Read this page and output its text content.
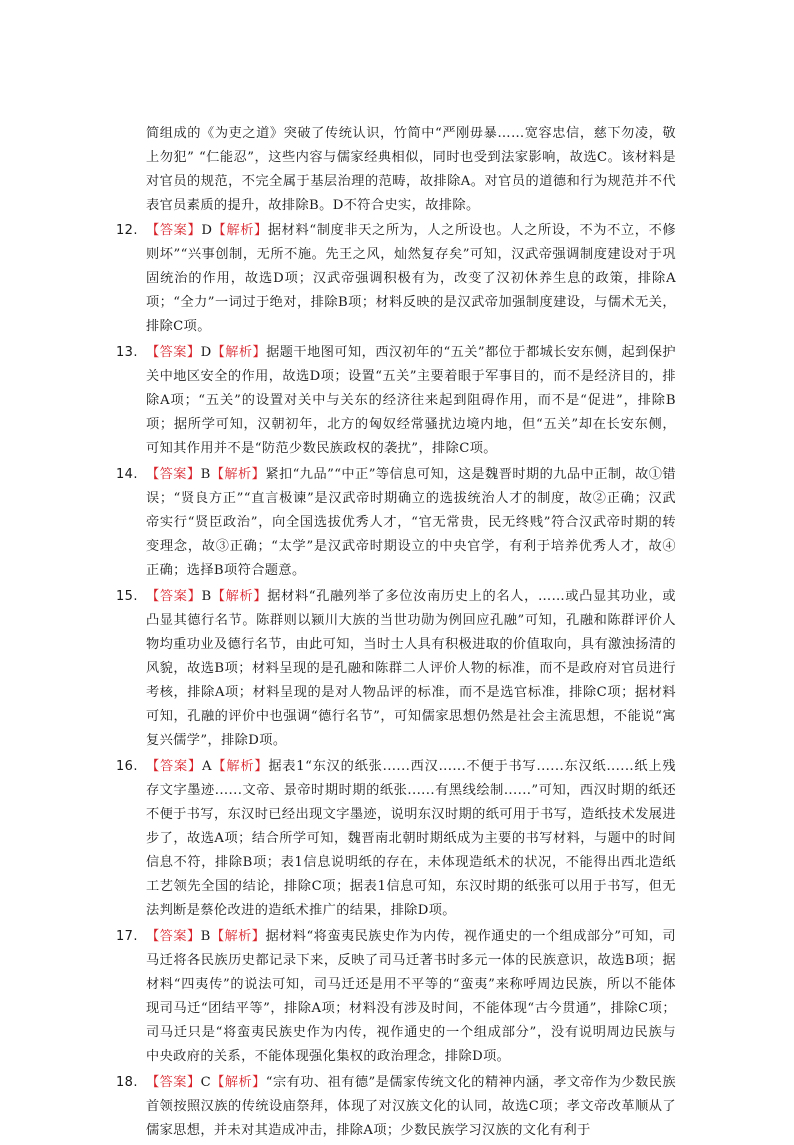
简组成的《为吏之道》突破了传统认识，竹简中“严刚毋暴……宽容忠信，慈下勿凌，敬上勿犯” “仁能忍”，这些内容与儒家经典相似，同时也受到法家影响，故选C。该材料是对官员的规范，不完全属于基层治理的范畴，故排除A。对官员的道德和行为规范并不代表官员素质的提升，故排除B。D不符合史实，故排除。

12. 【答案】D【解析】据材料“制度非天之所为，人之所设也。人之所设，不为不立，不修则坏”“兴事创制，无所不施。先王之风，灿然复存矣”可知，汉武帝强调制度建设对于巩固统治的作用，故选D项；汉武帝强调积极有为，改变了汉初休养生息的政策，排除A项；“全力”一词过于绝对，排除B项；材料反映的是汉武帝加强制度建设，与儒术无关，排除C项。

13. 【答案】D【解析】据题干地图可知，西汉初年的“五关”都位于都城长安东侧，起到保护关中地区安全的作用，故选D项；设置“五关”主要着眼于军事目的，而不是经济目的，排除A项；“五关”的设置对关中与关东的经济往来起到阻碍作用，而不是“促进”，排除B项；据所学可知，汉朝初年，北方的匈奴经常骚扰边境内地，但“五关”却在长安东侧，可知其作用并不是“防范少数民族政权的袭扰”，排除C项。

14. 【答案】B【解析】紧扣“九品”“中正”等信息可知，这是魏晋时期的九品中正制，故①错误；“贤良方正”“直言极谏”是汉武帝时期确立的选拔统治人才的制度，故②正确；汉武帝实行“贤臣政治”，向全国选拔优秀人才，“官无常贵，民无终贱”符合汉武帝时期的转变理念，故③正确；“太学”是汉武帝时期设立的中央官学，有利于培养优秀人才，故④正确；选择B项符合题意。

15. 【答案】B【解析】据材料“孔融列举了多位汝南历史上的名人，……或凸显其功业，或凸显其德行名节。陈群则以颍川大族的当世功勋为例回应孔融”可知，孔融和陈群评价人物均重功业及德行名节，由此可知，当时士人具有积极进取的价值取向，具有激浊扬清的风貌，故选B项；材料呈现的是孔融和陈群二人评价人物的标准，而不是政府对官员进行考核，排除A项；材料呈现的是对人物品评的标准，而不是选官标准，排除C项；据材料可知，孔融的评价中也强调“德行名节”，可知儒家思想仍然是社会主流思想，不能说“寓复兴儒学”，排除D项。

16. 【答案】A【解析】据表1“东汉的纸张......西汉......不便于书写......东汉纸......纸上残存文字墨迹......文帝、景帝时期时期的纸张......有黑线绘制......”可知，西汉时期的纸还不便于书写，东汉时已经出现文字墨迹，说明东汉时期的纸可用于书写，造纸技术发展进步了，故选A项；结合所学可知，魏晋南北朝时期纸成为主要的书写材料，与题中的时间信息不符，排除B项；表1信息说明纸的存在，未体现造纸术的状况，不能得出西北造纸工艺领先全国的结论，排除C项；据表1信息可知，东汉时期的纸张可以用于书写，但无法判断是蔡伦改进的造纸术推广的结果，排除D项。

17. 【答案】B【解析】据材料“将蛮夷民族史作为内传，视作通史的一个组成部分”可知，司马迁将各民族历史都记录下来，反映了司马迁著书时多元一体的民族意识，故选B项；据材料“四夷传”的说法可知，司马迁还是用不平等的“蛮夷”来称呼周边民族，所以不能体现司马迁“团结平等”，排除A项；材料没有涉及时间，不能体现“古今贯通”，排除C项；司马迁只是“将蛮夷民族史作为内传，视作通史的一个组成部分”，没有说明周边民族与中央政府的关系，不能体现强化集权的政治理念，排除D项。

18. 【答案】C【解析】“宗有功、祖有德”是儒家传统文化的精神内涵，孝文帝作为少数民族首领按照汉族的传统设庙祭拜，体现了对汉族文化的认同，故选C项；孝文帝改革顺从了儒家思想，并未对其造成冲击，排除A项；少数民族学习汉族的文化有利于
